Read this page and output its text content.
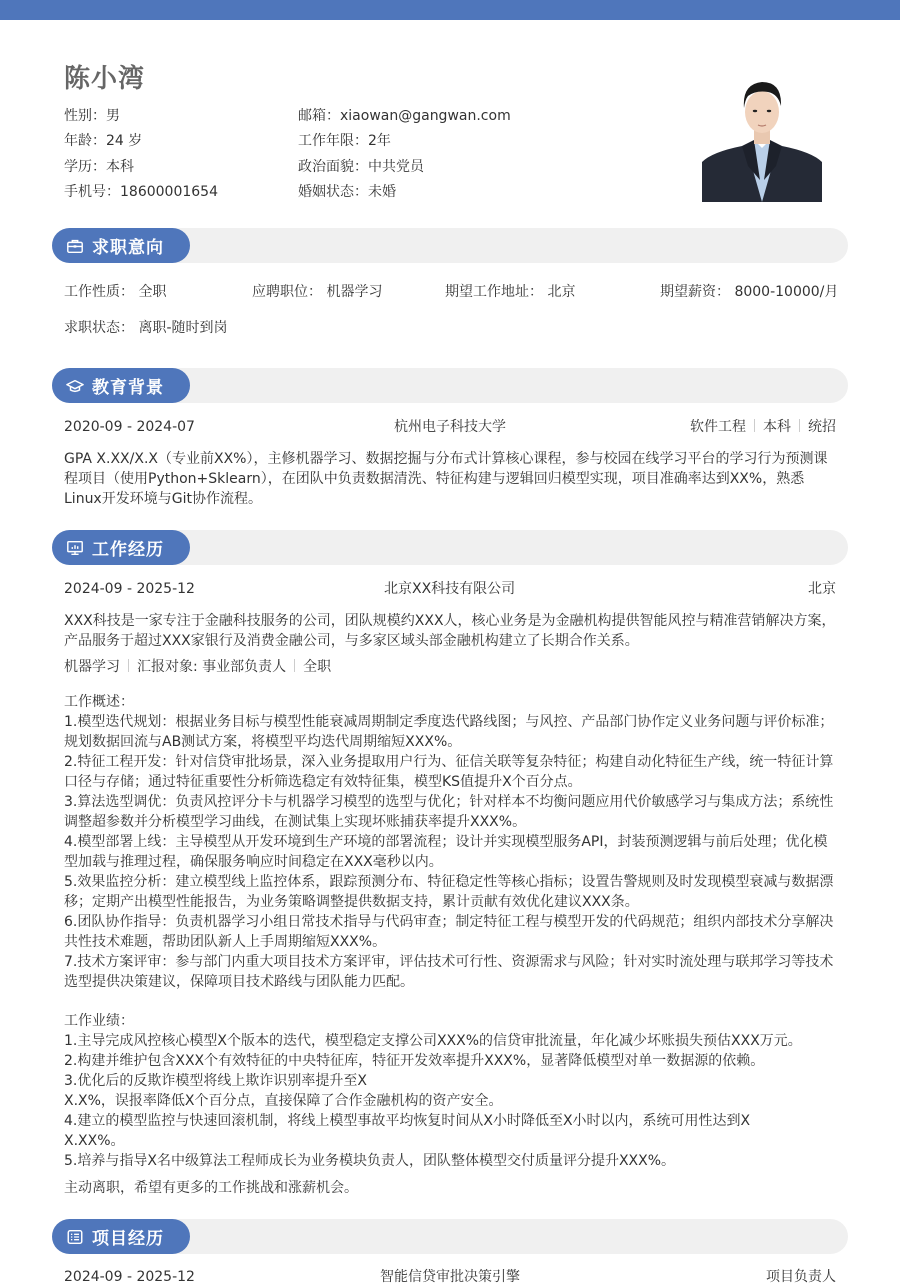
陈小湾
性别：男
年龄：24 岁
学历：本科
手机号：18600001654
邮箱：xiaowan@gangwan.com
工作年限：2年
政治面貌：中共党员
婚姻状态：未婚
求职意向
工作性质： 全职	应聘职位： 机器学习	期望工作地址： 北京	期望薪资： 8000-10000/月
求职状态： 离职-随时到岗
教育背景
2020-09 - 2024-07	杭州电子科技大学	软件工程 本科 统招
GPA X.XX/X.X（专业前XX%），主修机器学习、数据挖掘与分布式计算核心课程，参与校园在线学习平台的学习行为预测课
程项目（使用Python+Sklearn），在团队中负责数据清洗、特征构建与逻辑回归模型实现，项目准确率达到XX%，熟悉
Linux开发环境与Git协作流程。
工作经历
2024-09 - 2025-12	北京XX科技有限公司	北京
XXX科技是一家专注于金融科技服务的公司，团队规模约XXX人，核心业务是为金融机构提供智能风控与精准营销解决方案，
产品服务于超过XXX家银行及消费金融公司，与多家区域头部金融机构建立了长期合作关系。
机器学习 汇报对象: 事业部负责人 全职
工作概述：
1.模型迭代规划：根据业务目标与模型性能衰减周期制定季度迭代路线图；与风控、产品部门协作定义业务问题与评价标准；
规划数据回流与AB测试方案，将模型平均迭代周期缩短XXX%。
2.特征工程开发：针对信贷审批场景，深入业务提取用户行为、征信关联等复杂特征；构建自动化特征生产线，统一特征计算
口径与存储；通过特征重要性分析筛选稳定有效特征集，模型KS值提升X个百分点。
3.算法选型调优：负责风控评分卡与机器学习模型的选型与优化；针对样本不均衡问题应用代价敏感学习与集成方法；系统性
调整超参数并分析模型学习曲线，在测试集上实现坏账捕获率提升XXX%。
4.模型部署上线：主导模型从开发环境到生产环境的部署流程；设计并实现模型服务API，封装预测逻辑与前后处理；优化模
型加载与推理过程，确保服务响应时间稳定在XXX毫秒以内。
5.效果监控分析：建立模型线上监控体系，跟踪预测分布、特征稳定性等核心指标；设置告警规则及时发现模型衰减与数据漂
移；定期产出模型性能报告，为业务策略调整提供数据支持，累计贡献有效优化建议XXX条。
6.团队协作指导：负责机器学习小组日常技术指导与代码审查；制定特征工程与模型开发的代码规范；组织内部技术分享解决
共性技术难题，帮助团队新人上手周期缩短XXX%。
7.技术方案评审：参与部门内重大项目技术方案评审，评估技术可行性、资源需求与风险；针对实时流处理与联邦学习等技术
选型提供决策建议，保障项目技术路线与团队能力匹配。
工作业绩：
1.主导完成风控核心模型X个版本的迭代，模型稳定支撑公司XXX%的信贷审批流量，年化减少坏账损失预估XXX万元。
2.构建并维护包含XXX个有效特征的中央特征库，特征开发效率提升XXX%，显著降低模型对单一数据源的依赖。
3.优化后的反欺诈模型将线上欺诈识别率提升至X
X.X%，误报率降低X个百分点，直接保障了合作金融机构的资产安全。
4.建立的模型监控与快速回滚机制，将线上模型事故平均恢复时间从X小时降低至X小时以内，系统可用性达到X
X.XX%。
5.培养与指导X名中级算法工程师成长为业务模块负责人，团队整体模型交付质量评分提升XXX%。
主动离职，希望有更多的工作挑战和涨薪机会。
项目经历
2024-09 - 2025-12	智能信贷审批决策引擎	项目负责人
